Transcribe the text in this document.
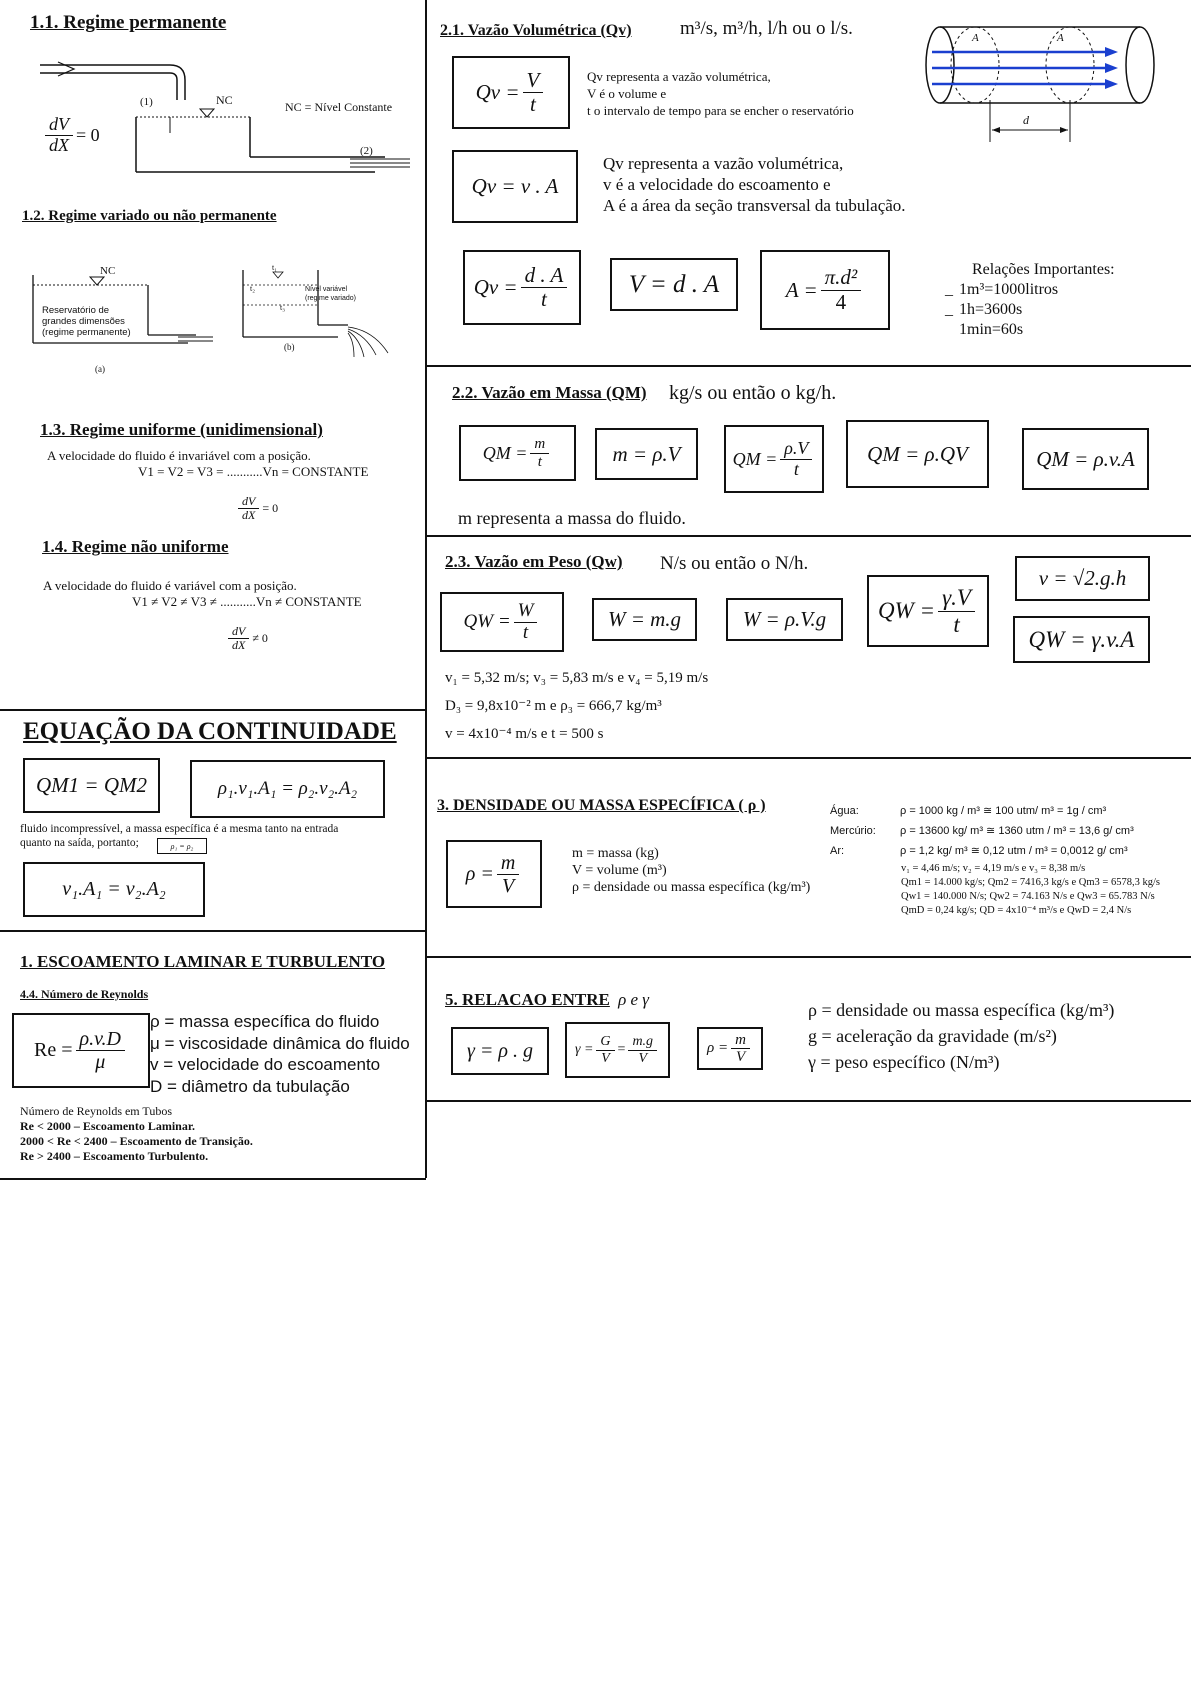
1.1. Regime permanente
NC	NC = Nível Constante
(1)
(2)
$\frac{dV}{dX} = 0$
1.2. Regime variado ou não permanente
NC
Reservatório de
grandes dimensões
(regime permanente)
Nível variável
(regime variado)
t₁
t₂
t₃
(a)
(b)
1.3. Regime uniforme (unidimensional)
A velocidade do fluido é invariável com a posição.
V1 = V2 = V3 = ...........Vn = CONSTANTE
$\frac{dV}{dX} = 0$
1.4. Regime não uniforme
A velocidade do fluido é variável com a posição.
V1 ≠ V2 ≠ V3 ≠ ...........Vn ≠ CONSTANTE
$\frac{dV}{dX} \ne 0$
EQUAÇÃO DA CONTINUIDADE
QM1 = QM2	ρ₁.v₁.A₁ = ρ₂.v₂.A₂
fluido incompressível, a massa específica é a mesma tanto na entrada
quanto na saída, portanto;	ρ₁ = ρ₂
v₁.A₁ = v₂.A₂
1. ESCOAMENTO LAMINAR E TURBULENTO
4.4. Número de Reynolds
$Re = \frac{\rho.v.D}{\mu}$
ρ = massa específica do fluido
μ = viscosidade dinâmica do fluido
v = velocidade do escoamento
D = diâmetro da tubulação
Número de Reynolds em Tubos
Re < 2000 – Escoamento Laminar.
2000 < Re < 2400 – Escoamento de Transição.
Re > 2400 – Escoamento Turbulento.
2.1. Vazão Volumétrica (Qv)	m³/s, m³/h, l/h ou o l/s.
$Qv = \frac{V}{t}$	Qv representa a vazão volumétrica,
V é o volume e
t o intervalo de tempo para se encher o reservatório
A	A
d
Qv = v . A
Qv representa a vazão volumétrica,
v é a velocidade do escoamento e
A é a área da seção transversal da tubulação.
$Qv = \frac{d . A}{t}$	V = d . A	$A = \frac{\text{π.d²}}{4}$	Relações Importantes:
_ 1m³=1000litros
_ 1h=3600s
1min=60s
2.2. Vazão em Massa (QM) kg/s ou então o kg/h.
QM = $\frac{m}{t}$	m = ρ.V	QM = $\frac{\rho.V}{t}$	QM = ρ.QV	QM = ρ.v.A
m representa a massa do fluido.
2.3. Vazão em Peso (Qw) N/s ou então o N/h.
QW = $\frac{W}{t}$	W = m.g	W = ρ.V.g	QW = $\frac{\gamma.V}{t}$
v = √2.g.h
QW = γ.v.A
v₁ = 5,32 m/s; v₃ = 5,83 m/s e v₄ = 5,19 m/s
D₃ = 9,8x10⁻² m e ρ₃ = 666,7 kg/m³
v = 4x10⁻⁴ m/s e t = 500 s
3. DENSIDADE OU MASSA ESPECÍFICA ( ρ )
$\rho = \frac{m}{V}$	m = massa (kg)
V = volume (m³)
ρ = densidade ou massa específica (kg/m³)
Água:	ρ = 1000 kg / m³ ≅ 100 utm/ m³ = 1g / cm³
Mercúrio: ρ = 13600 kg/ m³ ≅ 1360 utm / m³ = 13,6 g/ cm³
Ar:	ρ = 1,2 kg/ m³ ≅ 0,12 utm / m³ = 0,0012 g/ cm³
v₁ = 4,46 m/s; v₂ = 4,19 m/s e v₃ = 8,38 m/s
Qm1 = 14.000 kg/s; Qm2 = 7416,3 kg/s e Qm3 = 6578,3 kg/s
Qw1 = 140.000 N/s; Qw2 = 74.163 N/s e Qw3 = 65.783 N/s
QmD = 0,24 kg/s; QD = 4x10⁻⁴ m³/s e QwD = 2,4 N/s
5. RELACAO ENTRE ρ e γ
γ = ρ . g	$\gamma = \frac{G}{V} = \frac{m.g}{V}$	$\rho = \frac{m}{V}$
ρ = densidade ou massa específica (kg/m³)
g = aceleração da gravidade (m/s²)
γ = peso específico (N/m³)
